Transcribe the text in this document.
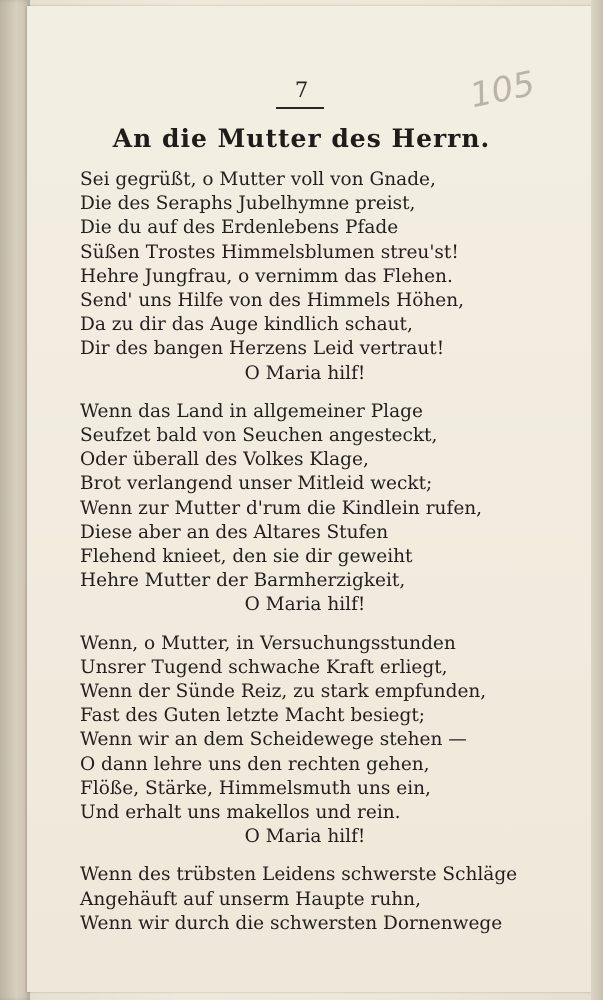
7	105
An die Mutter des Herrn.
Sei gegrüßt, o Mutter voll von Gnade,
Die des Seraphs Jubelhymne preist,
Die du auf des Erdenlebens Pfade
Süßen Trostes Himmelsblumen streu'st!
Hehre Jungfrau, o vernimm das Flehen.
Send' uns Hilfe von des Himmels Höhen,
Da zu dir das Auge kindlich schaut,
Dir des bangen Herzens Leid vertraut!
O Maria hilf!
Wenn das Land in allgemeiner Plage
Seufzet bald von Seuchen angesteckt,
Oder überall des Volkes Klage,
Brot verlangend unser Mitleid weckt;
Wenn zur Mutter d'rum die Kindlein rufen,
Diese aber an des Altares Stufen
Flehend knieet, den sie dir geweiht
Hehre Mutter der Barmherzigkeit,
O Maria hilf!
Wenn, o Mutter, in Versuchungsstunden
Unsrer Tugend schwache Kraft erliegt,
Wenn der Sünde Reiz, zu stark empfunden,
Fast des Guten letzte Macht besiegt;
Wenn wir an dem Scheidewege stehen —
O dann lehre uns den rechten gehen,
Flöße, Stärke, Himmelsmuth uns ein,
Und erhalt uns makellos und rein.
O Maria hilf!
Wenn des trübsten Leidens schwerste Schläge
Angehäuft auf unserm Haupte ruhn,
Wenn wir durch die schwersten Dornenwege
